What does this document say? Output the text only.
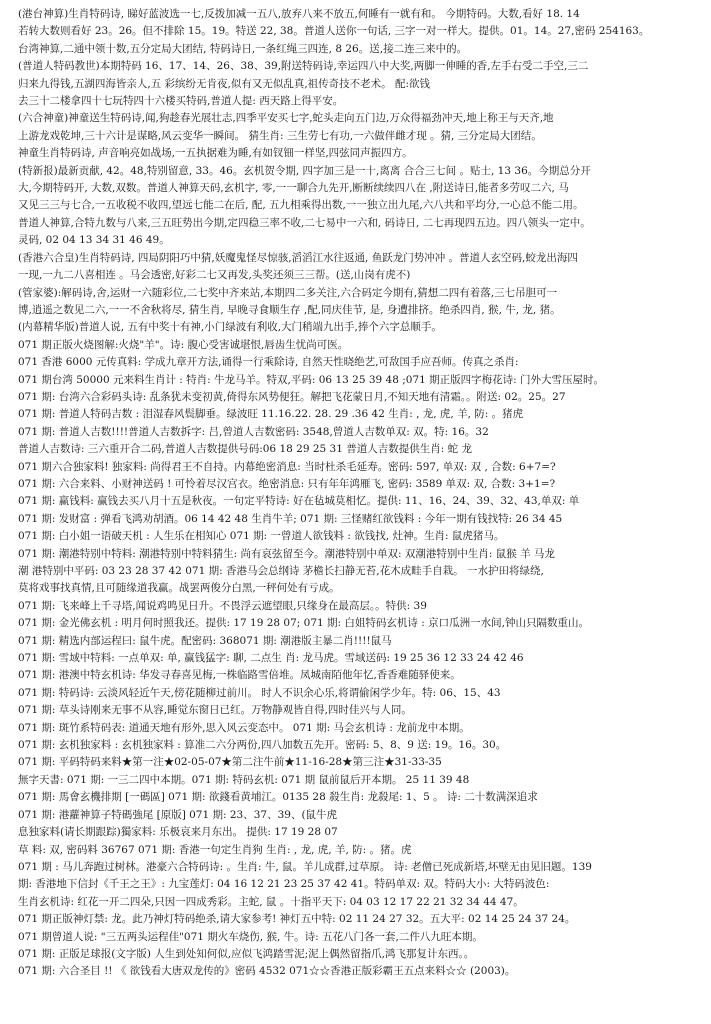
(港台神算)生肖特码诗, 睇好蓝波选一七,反拨加减一五八,放弃八来不放五,何睡有一就有和。 今期特码。大数,看好 18. 14
若转大数则看好 23。26。但不排除 15。19。特送 22, 38。普道人送你一句话, 三字一对一样大。提供。01。14。27,密码 254163。
台湾神算,二通中领十数,五分定局大团结, 特码诗日,一条红绳三四连, 8 26。送,接二连三来中的。
(普道人特码教世)本期特码 16、17、14、26、38、39,附送特码诗,幸运四八中大奖,两脚一伸睡的香,左手右受二手空,三二
归来九得钱,五湖四海皆亲人,五 彩缤纷无肯夜,似有又无似乱真,祖传奇技不老术。 配:欲钱
去三十二楼拿四十七玩特四十六楼买特码,普道人提: 西天路上得平安。
(六合神童)神童送生特码诗,闻,狗趁春光展壮志,四季平安买七字,蛇头走向五门边,万众得福劲冲天,地上称王与天齐,地
上游龙戏乾坤,三十六计是谋略,风云变华一瞬间。 猜生肖: 三生劳七有功,一六做伴雌才现 。猜, 三分定局大团结。
神童生肖特码诗, 声音响亮如战场,一五执据难为睡,有如钗钿一样坚,四弦同声振四方。
(特新报)最新贡献, 42。48,特别留意, 33。46。玄机贺令期, 四字加三是一十,离离 合合三七间 。贴士, 13 36。今期总分开
大,今期特码开, 大数,双数。普道人神算天码,玄机字, 零,一一聊合九先开,断断续续四八在 ,附送诗日,能者多劳叹二六, 马
又见三三与七合,一五收税不收四,望远七能二在后, 配, 五九相乘得出数,一一独立出九尾,六八共和平均分,一心总不能二用。
普道人神算,合特九数与八来,三五旺势出今期,定四稳三率不收,二七易中一六和, 码诗日, 二七再现四五边。四八领头一定中。
灵码, 02 04 13 34 31 46 49。
(香港六合皇)生肖特码诗, 四局阴阳巧中猜,妖魔鬼怪尽惊骇,滔滔江水往返通, 鱼跃龙门势冲冲 。普道人玄空码,蛟龙出海四
一现,一九二八喜相连 。马会透密,好彩二七又再发,头奖还须三三帮。(送,山岗有虎不)
(管家婆):解码诗,舍,运财一六随彩位,二七奖中齐来站,本期四二多关注,六合码定今期有,猜想二四有着落,三七吊胆可一
博,逍遥之数见二六,一一不舍秋将尽, 猜生肖, 早晚寻食顺生存 ,配,同庆佳节, 是, 身遭排挤。绝杀四肖, 猴, 牛, 龙, 猪。
(内幕精华版)普道人说, 五有中奖十有神,小门绿波有利收,大门稍端九出手,捧个六字总顺手。
071 期正版火烧图解:火烧"羊"。诗: 腹心受害诚堪恨,唇齿生忧尚可医。
071 香港 6000 元传真料: 学成九章开方法,诵得一行乘除诗, 自然天性晓绝艺,可敌国手应吾师。传真之杀肖:
071 期台湾 50000 元来料生肖计 : 特肖: 牛龙马羊。特双,平码: 06 13 25 39 48 ;071 期正版四字梅花诗: 门外大雪压屋时。
071 期: 台湾六合彩码头诗: 乱条犹未变初黄,倚得东风势便狂。解把飞花蒙日月,不知天地有清霜。。附送: 02。25。27
071 期: 普道人特码吉数 : 泪湿春风鬓脚垂。绿波旺 11.16.22. 28. 29 .36 42 生肖: , 龙, 虎, 羊, 防: 。猪虎
071 期: 普道人吉数!!!!普道人吉数拆字: 吕,曾道人吉数密码: 3548,曾道人吉数单双: 双。特: 16。32
普道人吉数诗: 三六重开合二码,普道人吉数提供号码:06 18 29 25 31 普道人吉数提供生肖: 蛇 龙
071 期六合独家料! 独家料: 尚得君王不自持。内幕绝密消息: 当时杜杀毛延寿。密码: 597, 单双: 双 , 合数: 6+7=?
071 期: 六合来料、小财神送码 ! 可怜着尽汉宫衣。绝密消息: 只有年年鸿雁飞, 密码: 3589 单双: 双, 合数: 3+1=?
071 期: 赢钱料: 赢钱去买八月十五是秋夜。一句定平特诗: 好在毡城莫相忆。提供: 11、16、24、39、32、43,单双: 单
071 期: 发财富 : 弹看飞鸿劝胡酒。06 14 42 48 生肖牛羊; 071 期: 三怪赌红欲钱料 : 今年一期有钱找特: 26 34 45
071 期: 白小姐一语破天机 : 人生乐在相知心 071 期: 一曾道人欲钱料 : 欲钱找, 灶神。生肖: 鼠虎猪马。
071 期: 潮港特别中特料: 潮港特别中特料猜生: 尚有哀弦留至今。潮港特别中单双: 双潮港特别中生肖: 鼠猴 羊 马龙
潮 港特别中平码: 03 23 28 37 42 071 期: 香港马会总纲诗 茅檐长扫静无苔,花木成畦手自栽。 一水护田将绿绕,
莫将戏事找真情,且可随缘道我赢。战罢两俊分白黑,一秤何处有亏成。
071 期: 飞来峰上千寻塔,闻说鸡鸣见日升。不畏浮云遮望眼,只缘身在最高层。。特供: 39
071 期: 金光佛玄机 : 明月何时照我还。提供: 17 19 28 07; 071 期: 白姐特码玄机诗 : 京口瓜洲一水间,钟山只隔数重山。
071 期: 精选内部运程曰: 鼠牛虎。配密码: 368071 期: 潮港版主暴二肖!!!!鼠马
071 期: 雪域中特料: 一点单双: 单, 赢钱猛字: 聊, 二点生 肖: 龙马虎。雪域送码: 19 25 36 12 33 24 42 46
071 期: 港澳中特玄机诗: 华发寻春喜见梅,一株临路雪倍堆。凤城南陌他年忆,香香难随驿使来。
071 期: 特码诗: 云淡风轻近午天,傍花随柳过前川。 时人不识余心乐,将谓偷闲学少年。特: 06、15、43
071 期: 草头诗刚来无事不从容,睡觉东窗日已红。万物静观皆自得,四时佳兴与人同。
071 期: 斑竹系特码表: 道通天地有形外,思入风云变态中。 071 期: 马会玄机诗 : 龙前龙中本期。
071 期: 玄机独家料 : 玄机独家料 : 算准二六分两份,四八加数五先开。密码: 5、8、9 送: 19。16。30。
071 期: 平码特码来料★第一注★02-05-07★第二注牛前★11-16-28★第三注★31-33-35
無字天書: 071 期: 一三二四中本期。071 期: 特码玄机: 071 期 鼠前鼠后开本期。 25 11 39 48
071 期: 馬會玄機排期 [一碼區] 071 期: 欲錢看黄埔江。0135 28 殺生肖: 龙殺尾: 1、5 。 诗: 二十数满深追求
071 期: 港蘿神算子特碼強尾 [原版] 071 期: 23、37、39、(鼠牛虎
息独家料(请长期跟踪)獨家料: 乐极哀来月东出。 提供: 17 19 28 07
草 料: 双, 密码料 36767 071 期: 香港一句定生肖狗 生肖: , 龙, 虎, 羊, 防: 。猪。虎
071 期 : 马儿奔跑过树林。港豪六合特码诗: 。生肖: 牛, 鼠。羊儿成群,过草原。 诗: 老僧已死成新塔,坏壁无由见旧题。139
期: 香港地下信封《千王之王》: 九宝莲灯: 04 16 12 21 23 25 37 42 41。特码单双: 双。特码大小: 大特码波色:
生肖玄机诗: 红花一开二四朵,只因一四成秀彩。主蛇, 鼠 。十指平天下: 04 03 12 17 22 21 32 34 44 47。
071 期正版神灯禁: 龙。此乃神灯特码绝杀,请大家参考! 神灯五中特: 02 11 24 27 32。五大平: 02 14 25 24 37 24。
071 期曾道人说: "三五两头运程佳"071 期火车烧伤, 猴, 牛。诗: 五花八门各一套,二件八九旺本期。
071 期: 正版足球报(文字版) 人生到处知何似,应似飞鸿踏雪泥;泥上偶然留指爪,鸿飞那复计东西。。
071 期: 六合圣目 !! 《 欲钱看大唐双龙传的》密码 4532 071☆☆香港正版彩霸王五点来料☆☆ (2003)。
